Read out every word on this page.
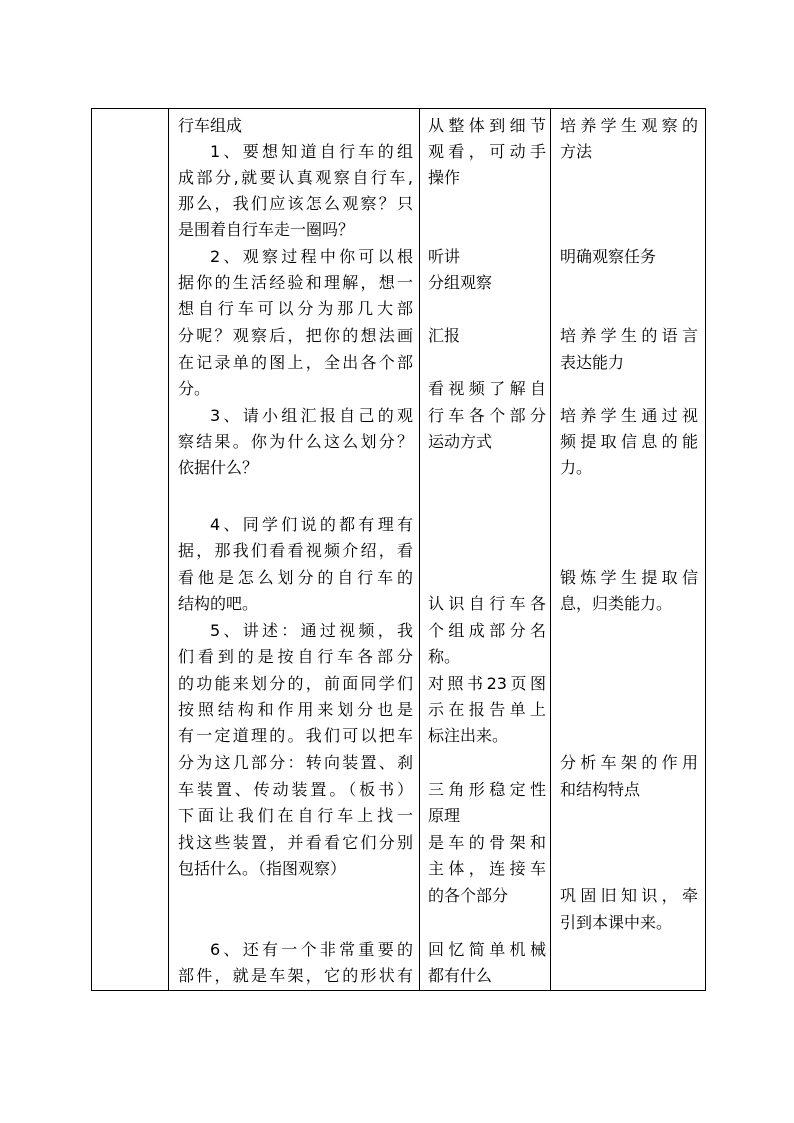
行车组成
1、要想知道自行车的组
成部分,就要认真观察自行车,
那么，我们应该怎么观察？只
是围着自行车走一圈吗？
2、观察过程中你可以根
据你的生活经验和理解，想一
想自行车可以分为那几大部
分呢？观察后，把你的想法画
在记录单的图上，全出各个部
分。
3、请小组汇报自己的观
察结果。你为什么这么划分？
依据什么？
4、同学们说的都有理有
据，那我们看看视频介绍，看
看他是怎么划分的自行车的
结构的吧。
5、讲述：通过视频，我
们看到的是按自行车各部分
的功能来划分的，前面同学们
按照结构和作用来划分也是
有一定道理的。我们可以把车
分为这几部分：转向装置、刹
车装置、传动装置。（板书）
下面让我们在自行车上找一
找这些装置，并看看它们分别
包括什么。（指图观察）
6、还有一个非常重要的
部件，就是车架，它的形状有
从整体到细节
观看，可动手
操作
听讲
分组观察
汇报
看视频了解自
行车各个部分
运动方式
认识自行车各
个组成部分名
称。
对照书23页图
示在报告单上
标注出来。
三角形稳定性
原理
是车的骨架和
主体，连接车
的各个部分
回忆简单机械
都有什么
培养学生观察的
方法
明确观察任务
培养学生的语言
表达能力
培养学生通过视
频提取信息的能
力。
锻炼学生提取信
息，归类能力。
分析车架的作用
和结构特点
巩固旧知识，牵
引到本课中来。
